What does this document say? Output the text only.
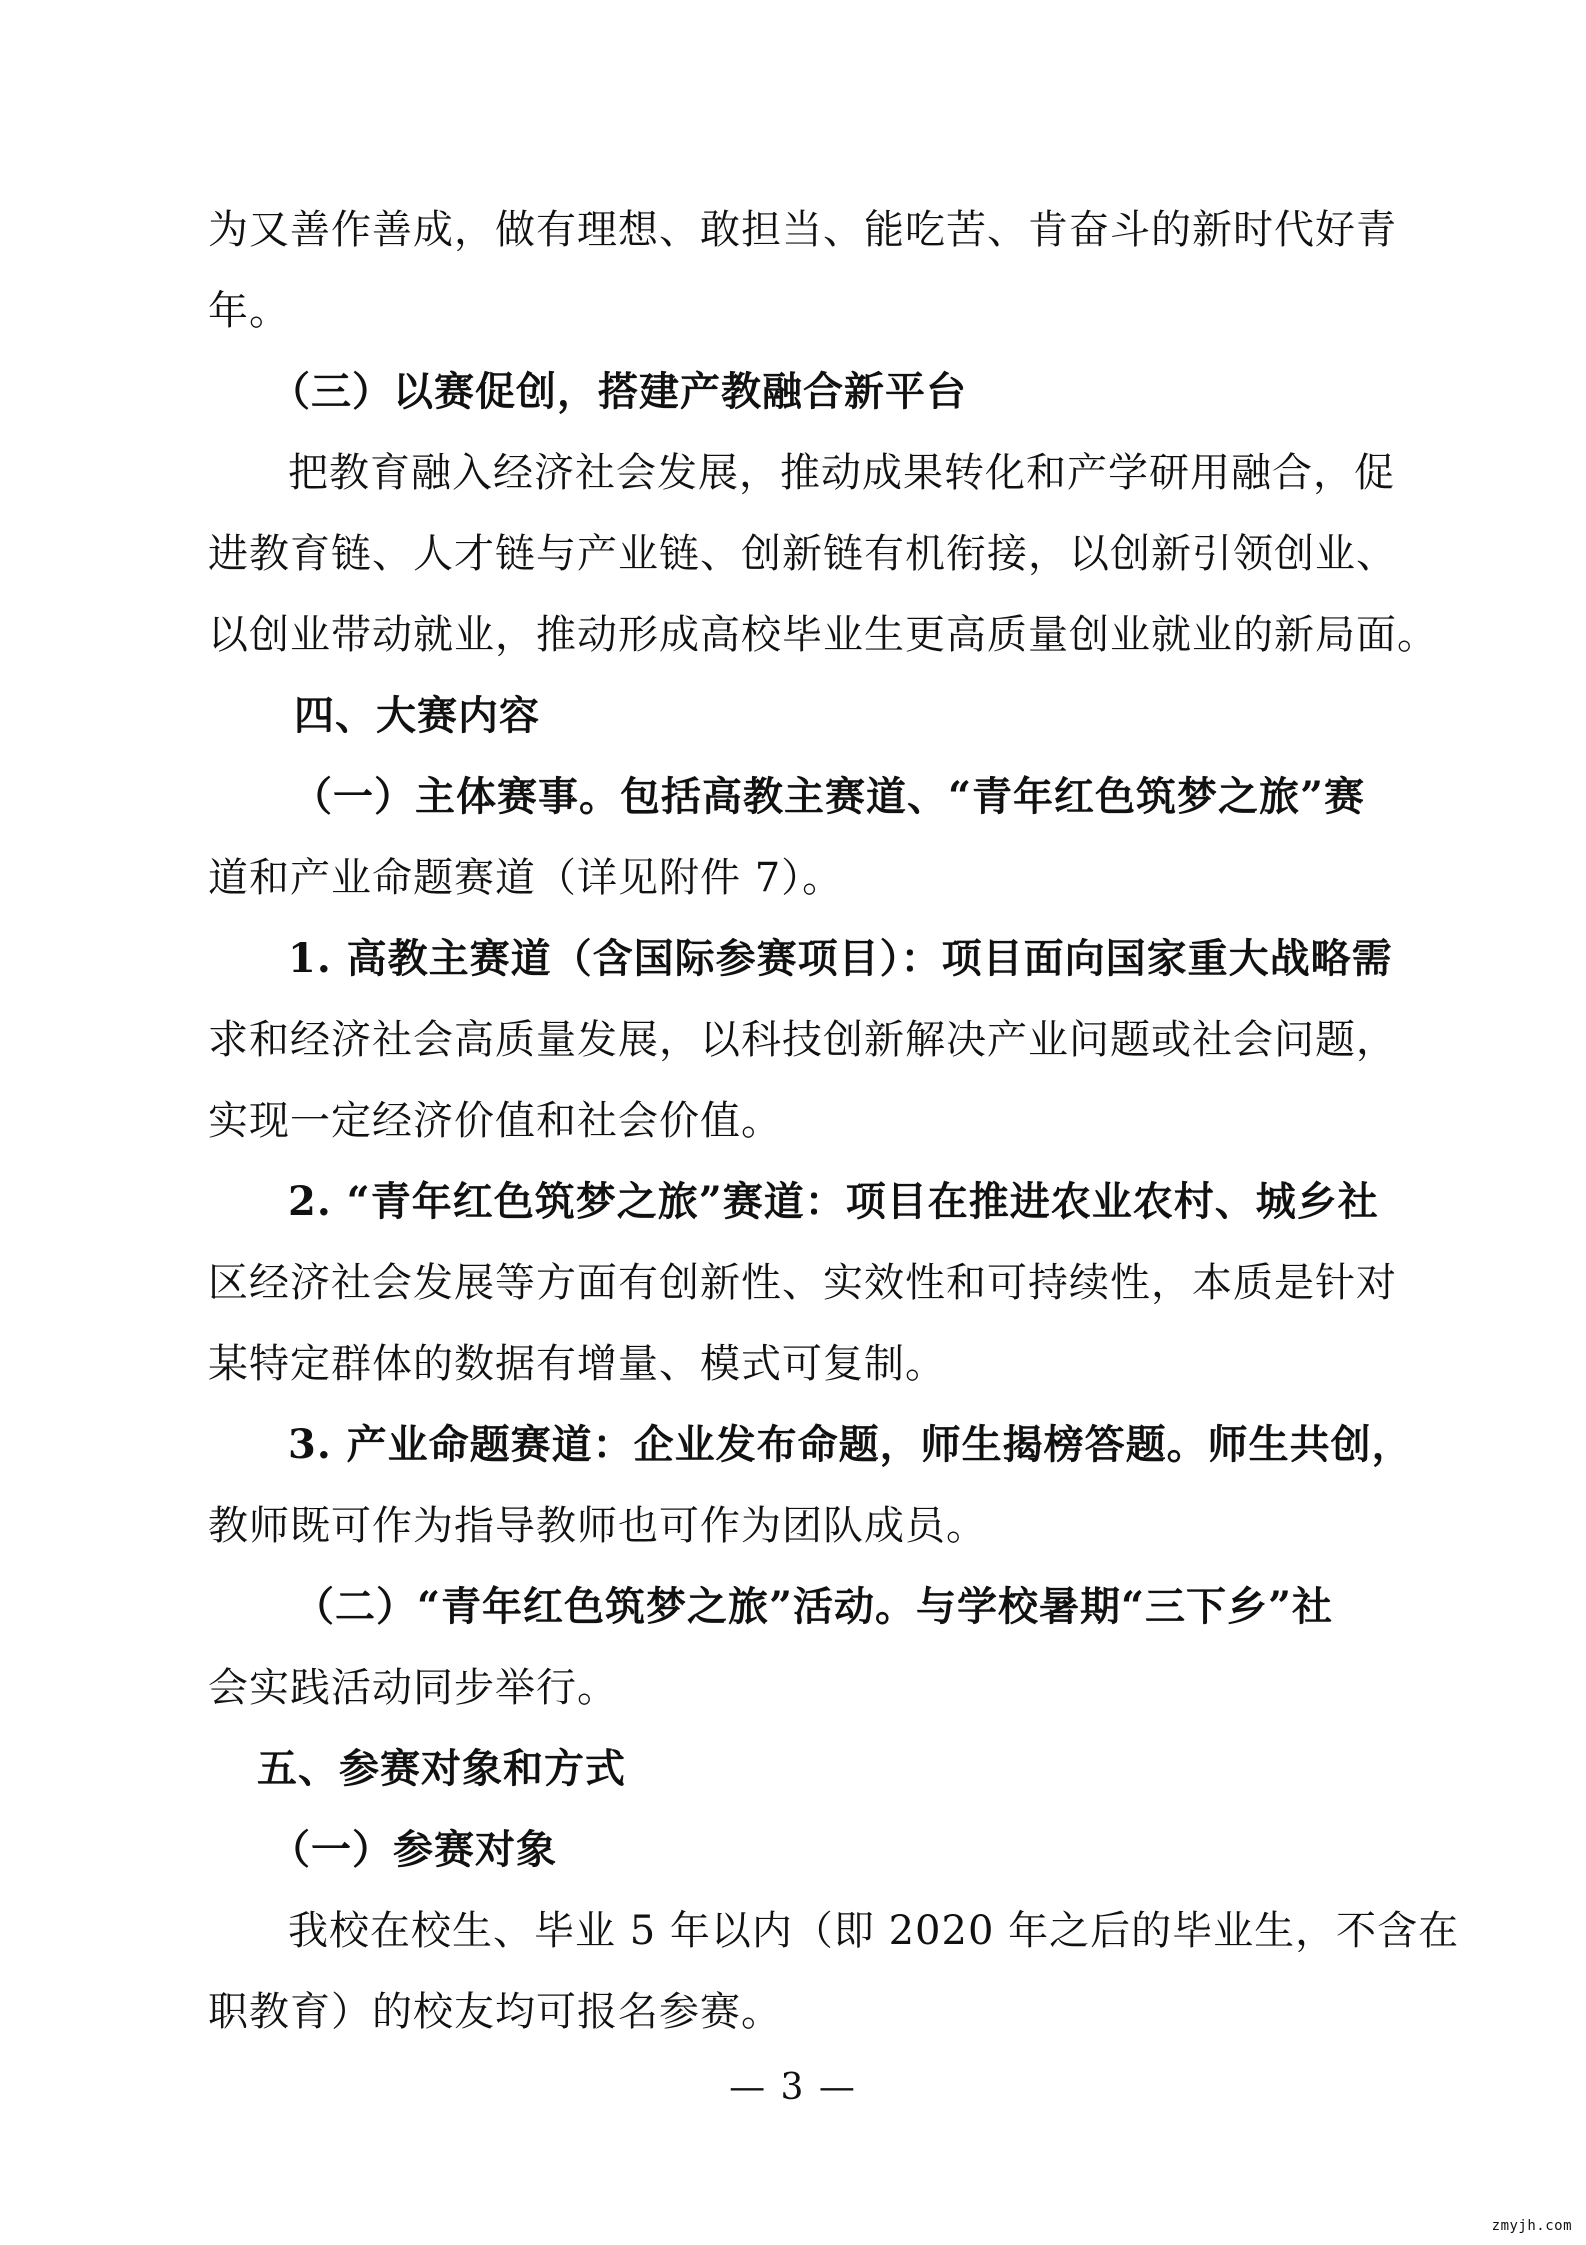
为又善作善成，做有理想、敢担当、能吃苦、肯奋斗的新时代好青
年。
（三）以赛促创，搭建产教融合新平台
把教育融入经济社会发展，推动成果转化和产学研用融合，促
进教育链、人才链与产业链、创新链有机衔接，以创新引领创业、
以创业带动就业，推动形成高校毕业生更高质量创业就业的新局面。
四、大赛内容
（一）主体赛事。包括高教主赛道、“青年红色筑梦之旅”赛
道和产业命题赛道（详见附件 7）。
1. 高教主赛道（含国际参赛项目）：项目面向国家重大战略需
求和经济社会高质量发展，以科技创新解决产业问题或社会问题，
实现一定经济价值和社会价值。
2. “青年红色筑梦之旅”赛道：项目在推进农业农村、城乡社
区经济社会发展等方面有创新性、实效性和可持续性，本质是针对
某特定群体的数据有增量、模式可复制。
3. 产业命题赛道：企业发布命题，师生揭榜答题。师生共创，
教师既可作为指导教师也可作为团队成员。
（二）“青年红色筑梦之旅”活动。与学校暑期“三下乡”社
会实践活动同步举行。
五、参赛对象和方式
（一）参赛对象
我校在校生、毕业 5 年以内（即 2020 年之后的毕业生，不含在
职教育）的校友均可报名参赛。
— 3 —
zmyjh.com
